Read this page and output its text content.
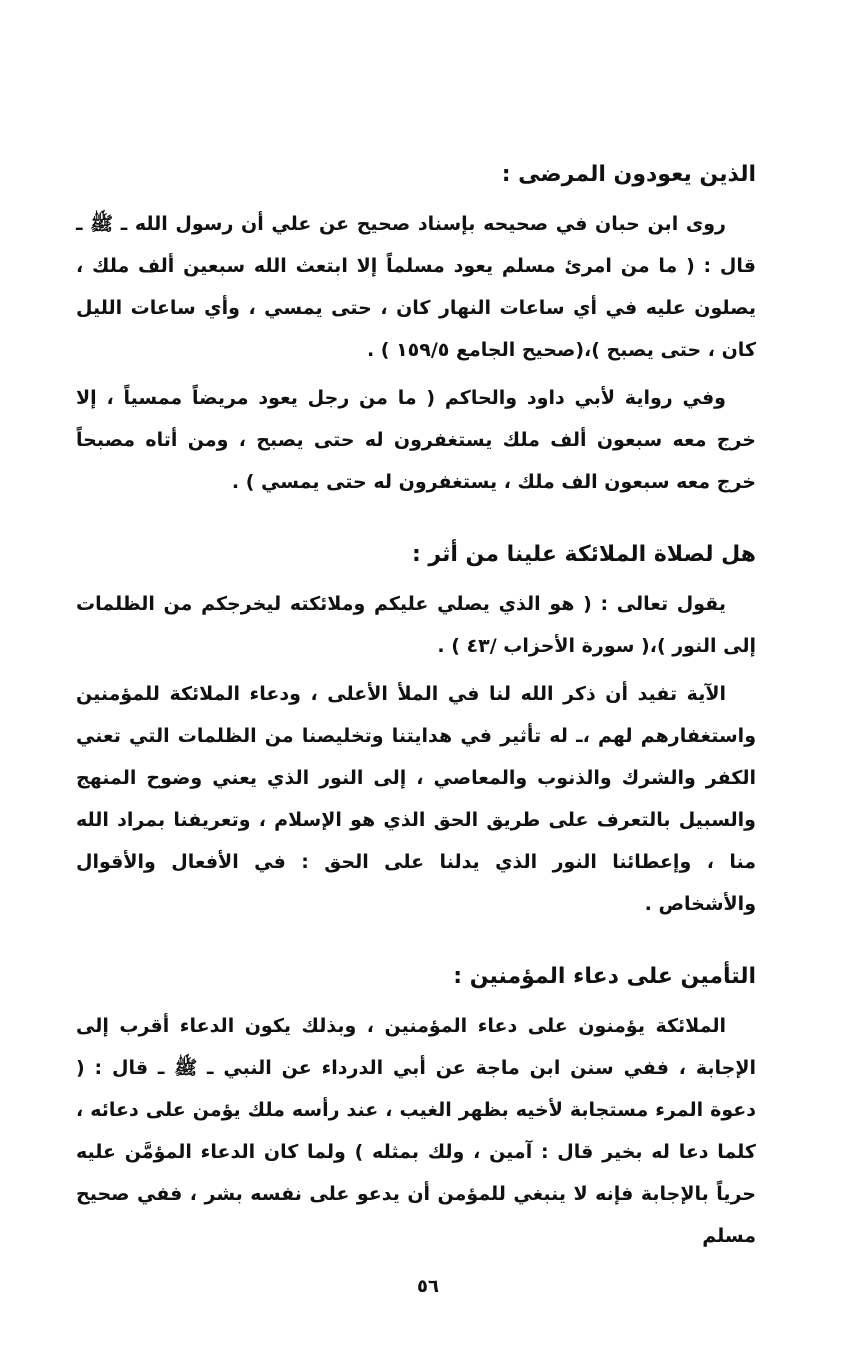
الذين يعودون المرضى :

روى ابن حبان في صحيحه بإسناد صحيح عن علي أن رسول الله ـ ﷺ ـ قال : ( ما من امرئ مسلم يعود مسلماً إلا ابتعث الله سبعين ألف ملك ، يصلون عليه في أي ساعات النهار كان ، حتى يمسي ، وأي ساعات الليل كان ، حتى يصبح )،(صحيح الجامع ١٥٩/٥ ) .

وفي رواية لأبي داود والحاكم ( ما من رجل يعود مريضاً ممسياً ، إلا خرج معه سبعون ألف ملك يستغفرون له حتى يصبح ، ومن أتاه مصبحاً خرج معه سبعون الف ملك ، يستغفرون له حتى يمسي ) .

هل لصلاة الملائكة علينا من أثر :

يقول تعالى : ( هو الذي يصلي عليكم وملائكته ليخرجكم من الظلمات إلى النور )،( سورة الأحزاب /٤٣ ) .

الآية تفيد أن ذكر الله لنا في الملأ الأعلى ، ودعاء الملائكة للمؤمنين واستغفارهم لهم ،ـ له تأثير في هدايتنا وتخليصنا من الظلمات التي تعني الكفر والشرك والذنوب والمعاصي ، إلى النور الذي يعني وضوح المنهج والسبيل بالتعرف على طريق الحق الذي هو الإسلام ، وتعريفنا بمراد الله منا ، وإعطائنا النور الذي يدلنا على الحق : في الأفعال والأقوال والأشخاص .

التأمين على دعاء المؤمنين :

الملائكة يؤمنون على دعاء المؤمنين ، وبذلك يكون الدعاء أقرب إلى الإجابة ، ففي سنن ابن ماجة عن أبي الدرداء عن النبي ـ ﷺ ـ قال : ( دعوة المرء مستجابة لأخيه بظهر الغيب ، عند رأسه ملك يؤمن على دعائه ، كلما دعا له بخير قال : آمين ، ولك بمثله ) ولما كان الدعاء المؤمَّن عليه حرياً بالإجابة فإنه لا ينبغي للمؤمن أن يدعو على نفسه بشر ، ففي صحيح مسلم

٥٦
